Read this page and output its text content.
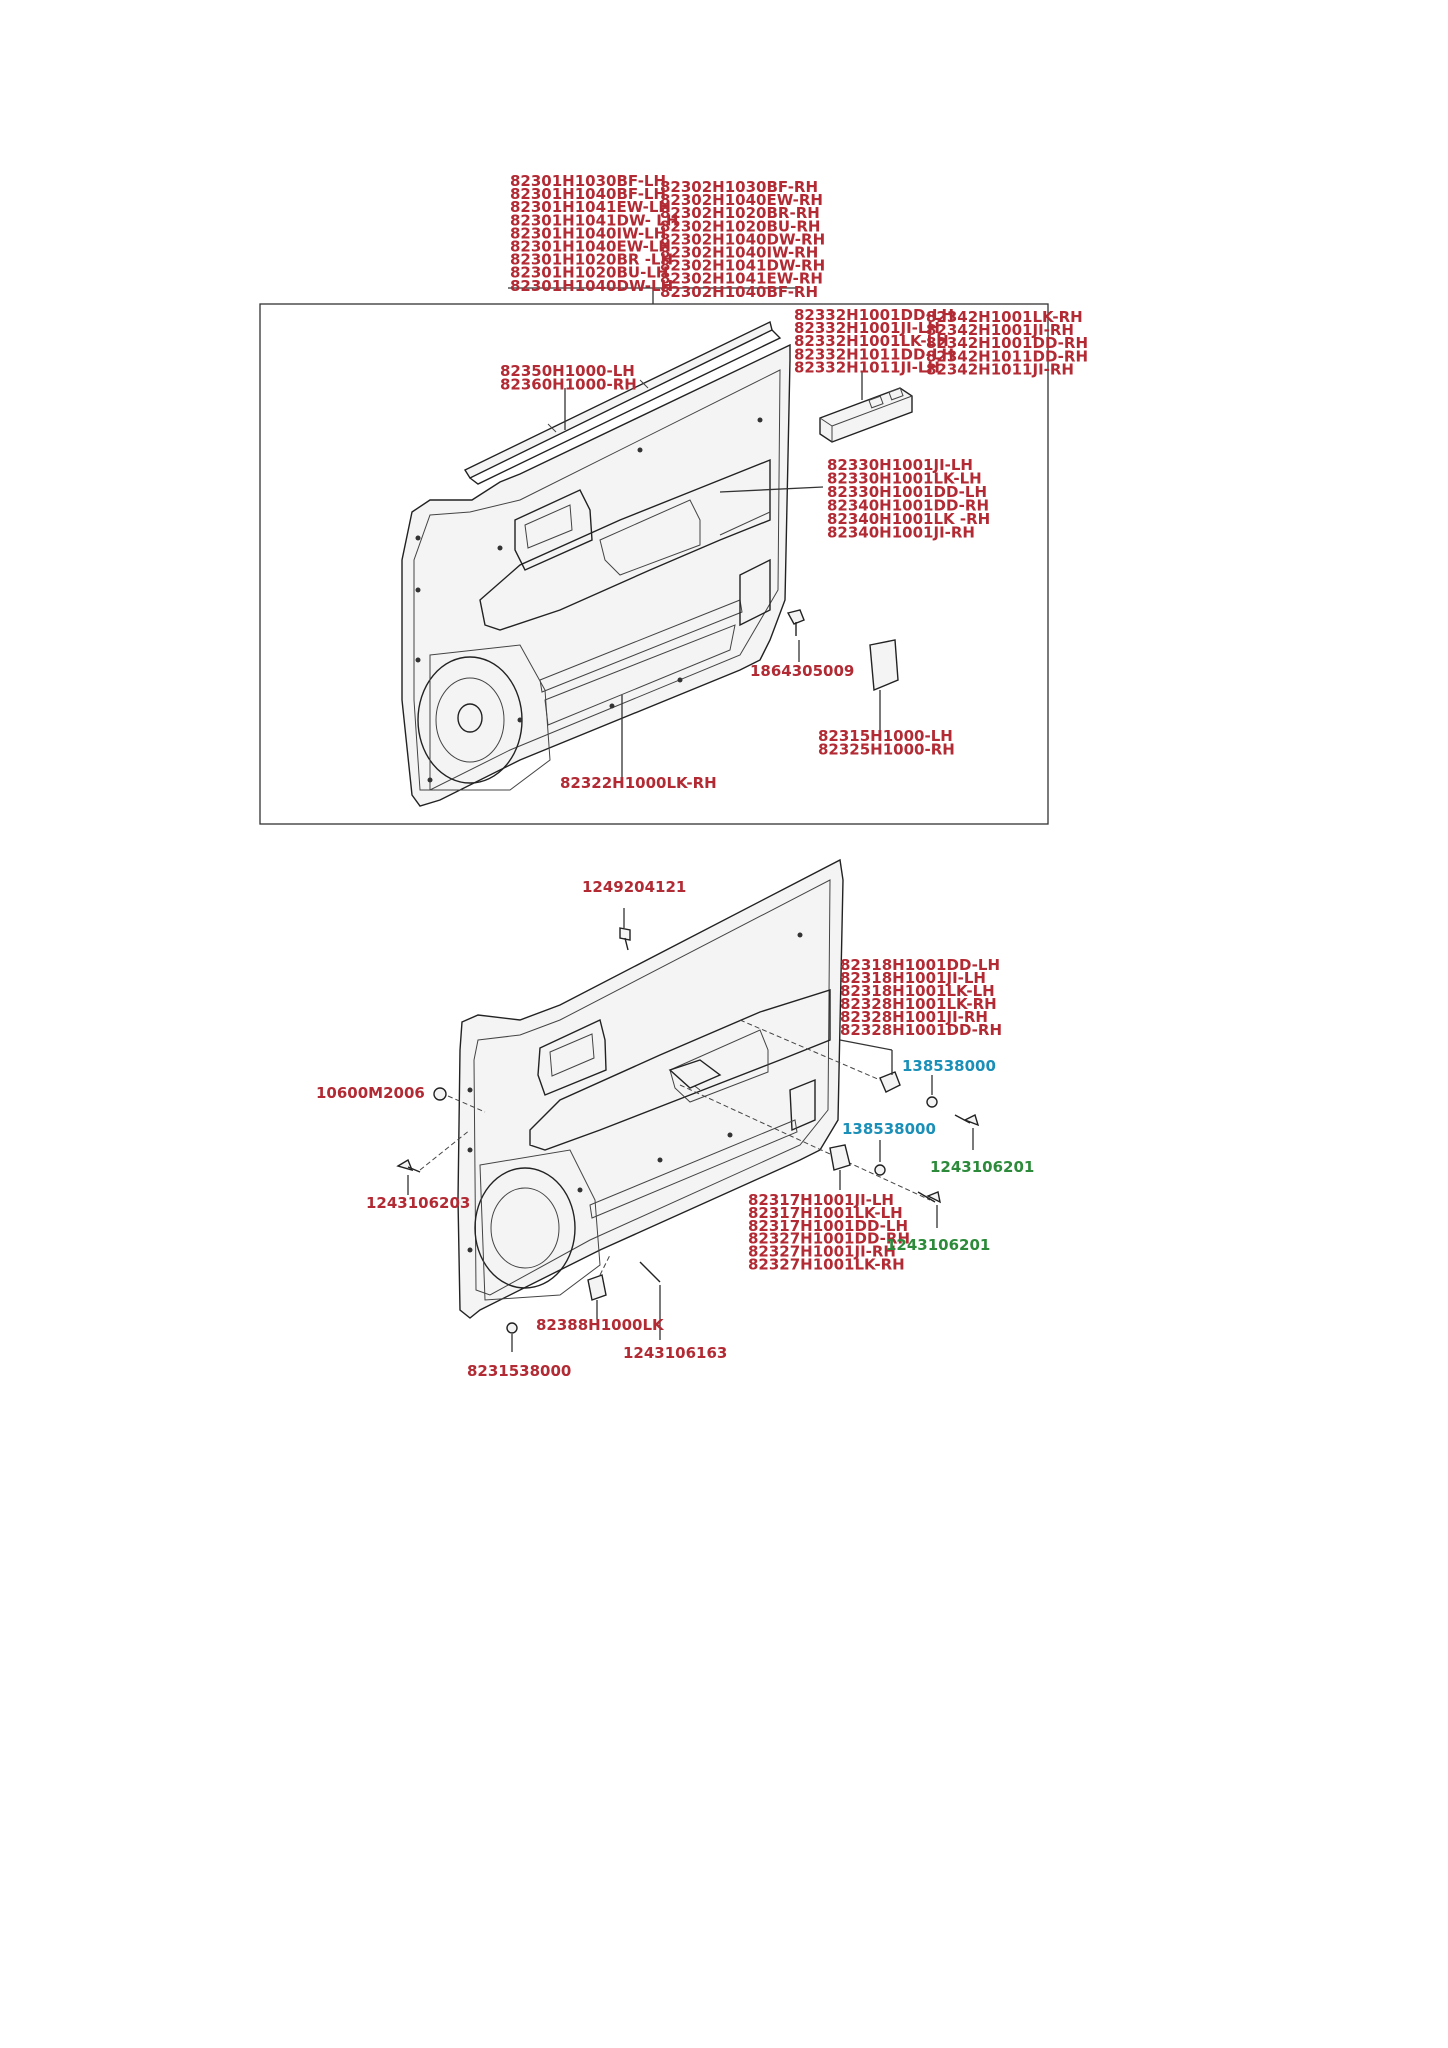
82301H1030BF-LH
82301H1040BF-LH
82301H1041EW-LH
82301H1041DW- LH
82301H1040IW-LH
82301H1040EW-LH
82301H1020BR -LH
82301H1020BU-LH
82301H1040DW-LH
82302H1030BF-RH
82302H1040EW-RH
82302H1020BR-RH
82302H1020BU-RH
82302H1040DW-RH
82302H1040IW-RH
82302H1041DW-RH
82302H1041EW-RH
82302H1040BF-RH
82332H1001DD-LH
82332H1001JI-LH
82332H1001LK-LH
82332H1011DD-LH
82332H1011JI-LH
82342H1001LK-RH
82342H1001JI-RH
82342H1001DD-RH
82342H1011DD-RH
82342H1011JI-RH
82350H1000-LH
82360H1000-RH
82330H1001JI-LH
82330H1001LK-LH
82330H1001DD-LH
82340H1001DD-RH
82340H1001LK -RH
82340H1001JI-RH
1864305009
82315H1000-LH
82325H1000-RH
82322H1000LK-RH
1249204121
82318H1001DD-LH
82318H1001JI-LH
82318H1001LK-LH
82328H1001LK-RH
82328H1001JI-RH
82328H1001DD-RH
138538000
1243106201
138538000
10600M2006
1243106203	82317H1001JI-LH
82317H1001LK-LH
82317H1001DD-LH
82327H1001DD-RH
82327H1001JI-RH
82327H1001LK-RH
1243106201
82388H1000LK
1243106163
8231538000
